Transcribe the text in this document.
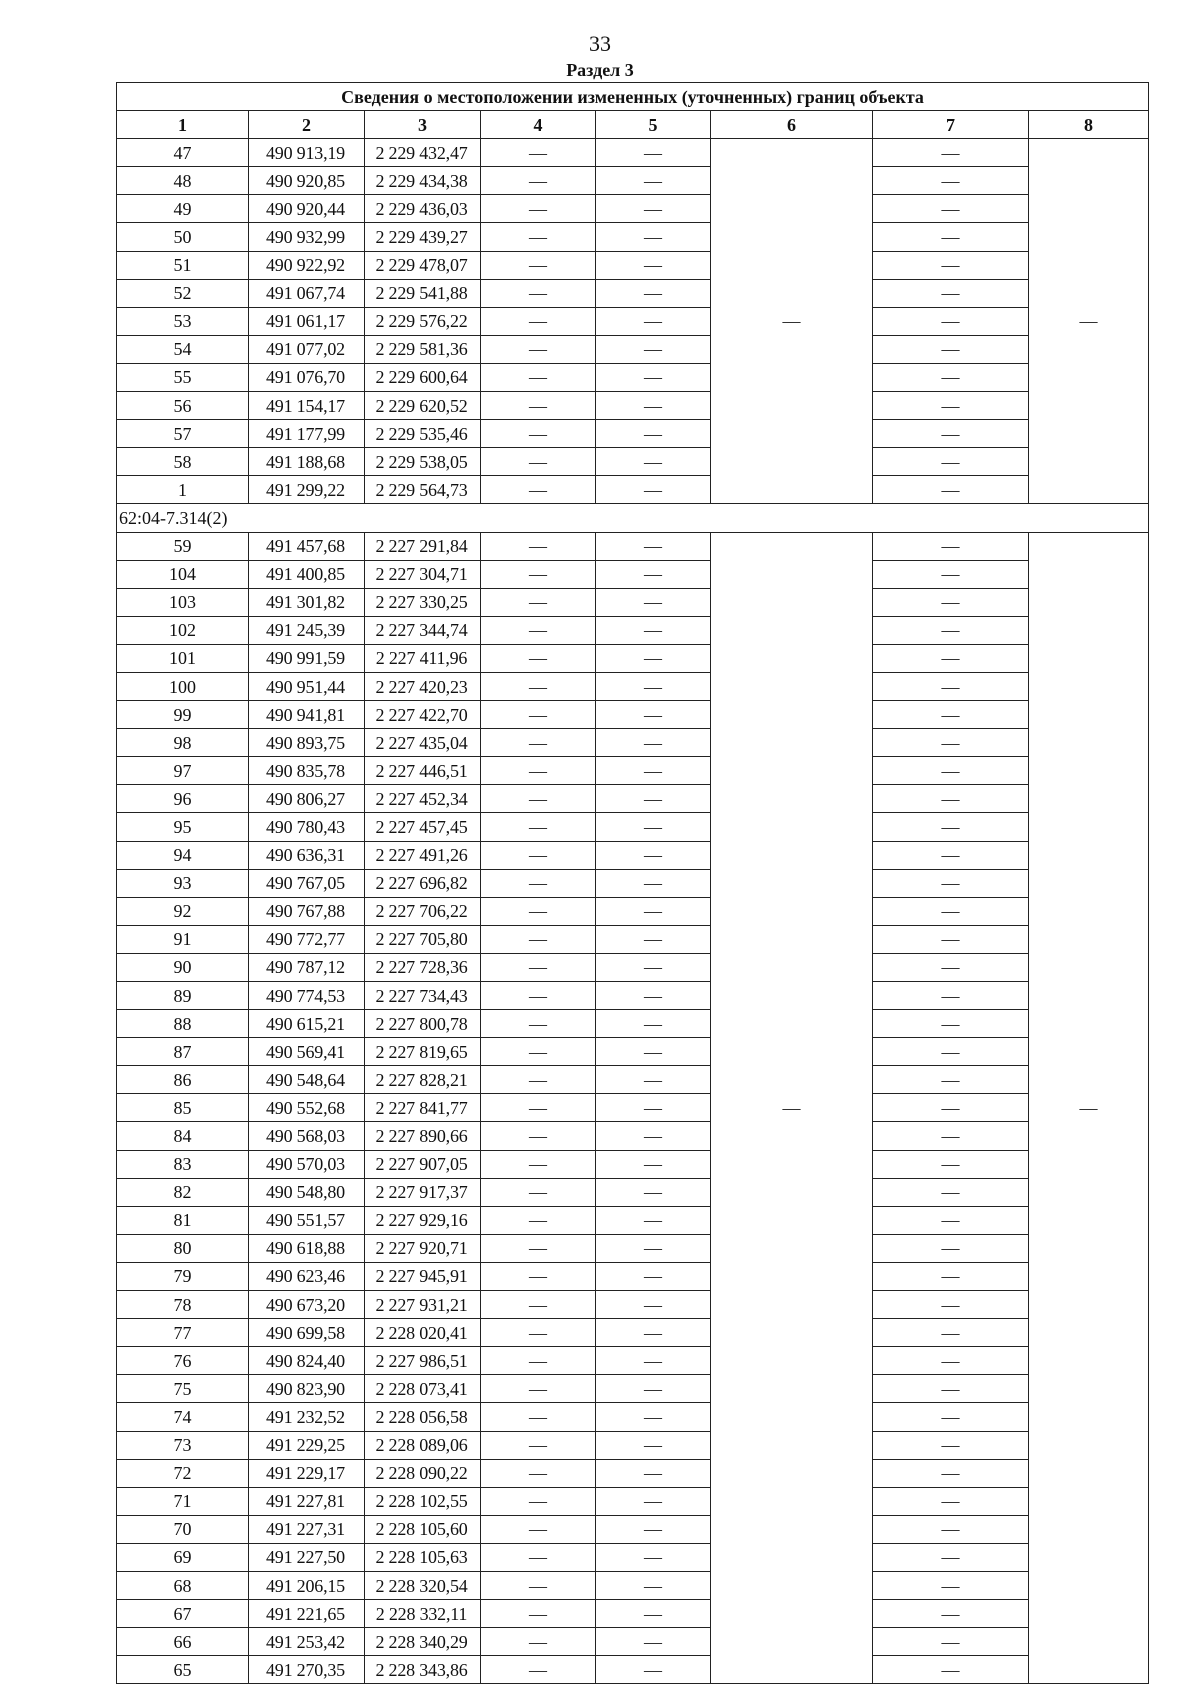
33
Раздел 3
Сведения о местоположении измененных (уточненных) границ объекта							
1	2	3	4	5	6	7	8
47	490 913,19	2 229 432,47	—	—	—	—	—
48	490 920,85	2 229 434,38	—	—		—	
49	490 920,44	2 229 436,03	—	—		—	
50	490 932,99	2 229 439,27	—	—		—	
51	490 922,92	2 229 478,07	—	—		—	
52	491 067,74	2 229 541,88	—	—		—	
53	491 061,17	2 229 576,22	—	—		—	
54	491 077,02	2 229 581,36	—	—		—	
55	491 076,70	2 229 600,64	—	—		—	
56	491 154,17	2 229 620,52	—	—		—	
57	491 177,99	2 229 535,46	—	—		—	
58	491 188,68	2 229 538,05	—	—		—	
1	491 299,22	2 229 564,73	—	—		—	
62:04-7.314(2)							
59	491 457,68	2 227 291,84	—	—	—	—	—
104	491 400,85	2 227 304,71	—	—		—	
103	491 301,82	2 227 330,25	—	—		—	
102	491 245,39	2 227 344,74	—	—		—	
101	490 991,59	2 227 411,96	—	—		—	
100	490 951,44	2 227 420,23	—	—		—	
99	490 941,81	2 227 422,70	—	—		—	
98	490 893,75	2 227 435,04	—	—		—	
97	490 835,78	2 227 446,51	—	—		—	
96	490 806,27	2 227 452,34	—	—		—	
95	490 780,43	2 227 457,45	—	—		—	
94	490 636,31	2 227 491,26	—	—		—	
93	490 767,05	2 227 696,82	—	—		—	
92	490 767,88	2 227 706,22	—	—		—	
91	490 772,77	2 227 705,80	—	—		—	
90	490 787,12	2 227 728,36	—	—		—	
89	490 774,53	2 227 734,43	—	—		—	
88	490 615,21	2 227 800,78	—	—		—	
87	490 569,41	2 227 819,65	—	—		—	
86	490 548,64	2 227 828,21	—	—		—	
85	490 552,68	2 227 841,77	—	—		—	
84	490 568,03	2 227 890,66	—	—		—	
83	490 570,03	2 227 907,05	—	—		—	
82	490 548,80	2 227 917,37	—	—		—	
81	490 551,57	2 227 929,16	—	—		—	
80	490 618,88	2 227 920,71	—	—		—	
79	490 623,46	2 227 945,91	—	—		—	
78	490 673,20	2 227 931,21	—	—		—	
77	490 699,58	2 228 020,41	—	—		—	
76	490 824,40	2 227 986,51	—	—		—	
75	490 823,90	2 228 073,41	—	—		—	
74	491 232,52	2 228 056,58	—	—		—	
73	491 229,25	2 228 089,06	—	—		—	
72	491 229,17	2 228 090,22	—	—		—	
71	491 227,81	2 228 102,55	—	—		—	
70	491 227,31	2 228 105,60	—	—		—	
69	491 227,50	2 228 105,63	—	—		—	
68	491 206,15	2 228 320,54	—	—		—	
67	491 221,65	2 228 332,11	—	—		—	
66	491 253,42	2 228 340,29	—	—		—	
65	491 270,35	2 228 343,86	—	—		—	
